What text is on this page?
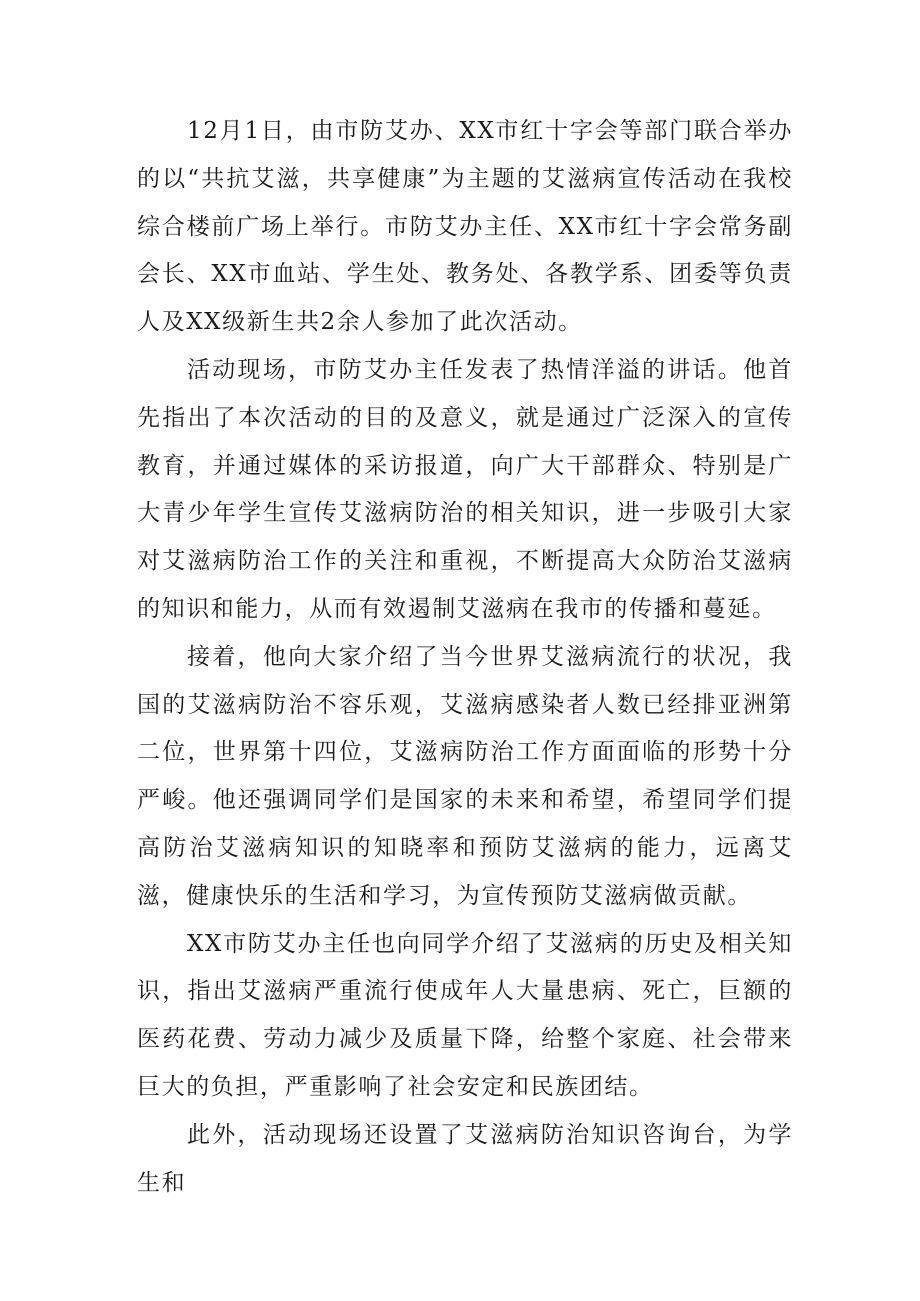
12月1日，由市防艾办、XX市红十字会等部门联合举办的以“共抗艾滋，共享健康”为主题的艾滋病宣传活动在我校综合楼前广场上举行。市防艾办主任、XX市红十字会常务副会长、XX市血站、学生处、教务处、各教学系、团委等负责人及XX级新生共2余人参加了此次活动。

活动现场，市防艾办主任发表了热情洋溢的讲话。他首先指出了本次活动的目的及意义，就是通过广泛深入的宣传教育，并通过媒体的采访报道，向广大干部群众、特别是广大青少年学生宣传艾滋病防治的相关知识，进一步吸引大家对艾滋病防治工作的关注和重视，不断提高大众防治艾滋病的知识和能力，从而有效遏制艾滋病在我市的传播和蔓延。

接着，他向大家介绍了当今世界艾滋病流行的状况，我国的艾滋病防治不容乐观，艾滋病感染者人数已经排亚洲第二位，世界第十四位，艾滋病防治工作方面面临的形势十分严峻。他还强调同学们是国家的未来和希望，希望同学们提高防治艾滋病知识的知晓率和预防艾滋病的能力，远离艾滋，健康快乐的生活和学习，为宣传预防艾滋病做贡献。

XX市防艾办主任也向同学介绍了艾滋病的历史及相关知识，指出艾滋病严重流行使成年人大量患病、死亡，巨额的医药花费、劳动力减少及质量下降，给整个家庭、社会带来巨大的负担，严重影响了社会安定和民族团结。

此外，活动现场还设置了艾滋病防治知识咨询台，为学生和
